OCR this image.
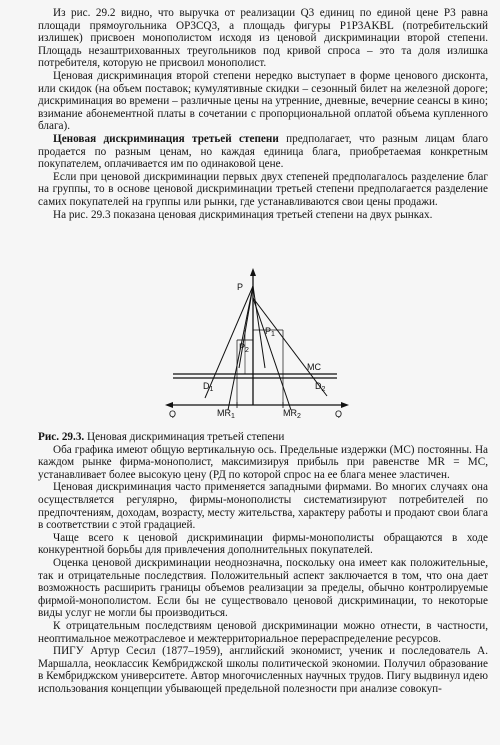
Из рис. 29.2 видно, что выручка от реализации Q3 единиц по единой цене P3 равна площади прямоугольника OP3CQ3, а площадь фигуры P1P3AKBL (потребительский излишек) присвоен монополистом исходя из ценовой дискриминации второй степени. Площадь незаштрихованных треугольников под кривой спроса – это та доля излишка потребителя, которую не присвоил монополист.

Ценовая дискриминация второй степени нередко выступает в форме ценового дисконта, или скидок (на объем поставок; кумулятивные скидки – сезонный билет на железной дороге; дискриминация во времени – различные цены на утренние, дневные, вечерние сеансы в кино; взимание абонементной платы в сочетании с пропорциональной оплатой объема купленного блага).

Ценовая дискриминация третьей степени предполагает, что разным лицам благо продается по разным ценам, но каждая единица блага, приобретаемая конкретным покупателем, оплачивается им по одинаковой цене.

Если при ценовой дискриминации первых двух степеней предполагалось разделение благ на группы, то в основе ценовой дискриминации третьей степени предполагается разделение самих покупателей на группы или рынки, где устанавливаются свои цены продажи.

На рис. 29.3 показана ценовая дискриминация третьей степени на двух рынках.

P
$P_1$
$P_2$
MC
$D_1$	$D_2$
Q	Q
$MR_1$	$MR_2$

Рис. 29.3. Ценовая дискриминация третьей степени

Оба графика имеют общую вертикальную ось. Предельные издержки (МС) постоянны. На каждом рынке фирма-монополист, максимизируя прибыль при равенстве MR = МС, устанавливает более высокую цену (РД по которой спрос на ее блага менее эластичен.

Ценовая дискриминация часто применяется западными фирмами. Во многих случаях она осуществляется регулярно, фирмы-монополисты систематизируют потребителей по предпочтениям, доходам, возрасту, месту жительства, характеру работы и продают свои блага в соответствии с этой градацией.

Чаще всего к ценовой дискриминации фирмы-монополисты обращаются в ходе конкурентной борьбы для привлечения дополнительных покупателей.

Оценка ценовой дискриминации неоднозначна, поскольку она имеет как положительные, так и отрицательные последствия. Положительный аспект заключается в том, что она дает возможность расширить границы объемов реализации за пределы, обычно контролируемые фирмой-монополистом. Если бы не существовало ценовой дискриминации, то некоторые виды услуг не могли бы производиться.

К отрицательным последствиям ценовой дискриминации можно отнести, в частности, неоптимальное межотраслевое и межтерриториальное перераспределение ресурсов.

ПИГУ Артур Сесил (1877–1959), английский экономист, ученик и последователь А. Маршалла, неоклассик Кембриджской школы политической экономии. Получил образование в Кембриджском университете. Автор многочисленных научных трудов. Пигу выдвинул идею использования концепции убывающей предельной полезности при анализе совокуп-
